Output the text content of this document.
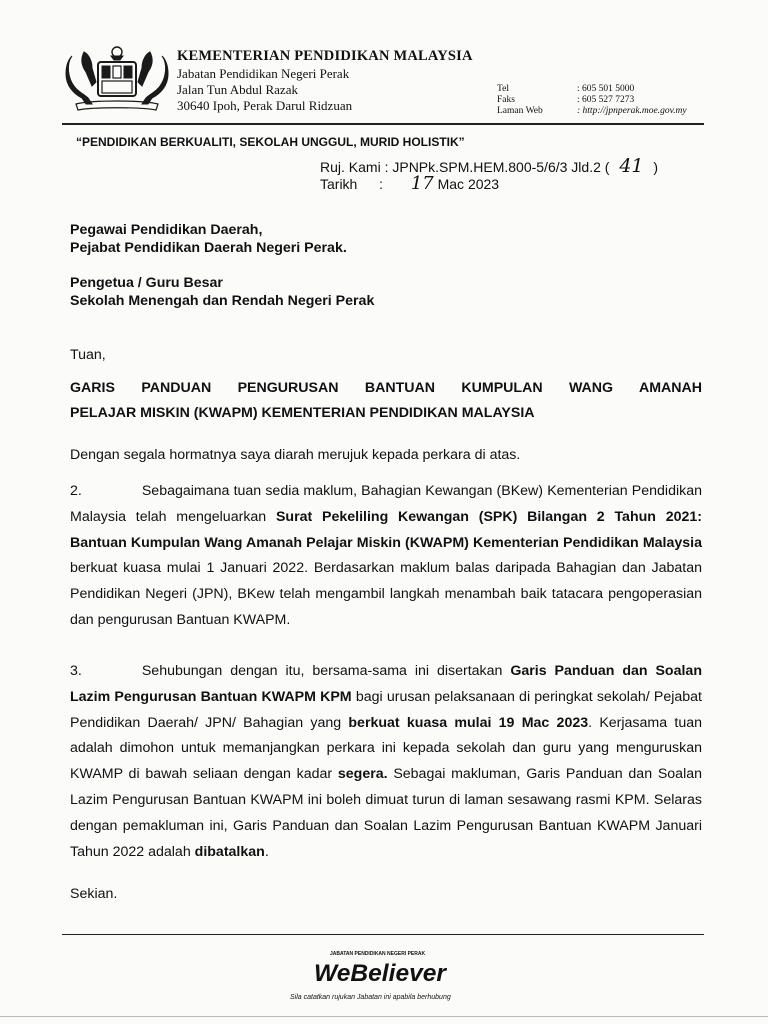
KEMENTERIAN PENDIDIKAN MALAYSIA
Jabatan Pendidikan Negeri Perak
Jalan Tun Abdul Razak
30640 Ipoh, Perak Darul Ridzuan
Tel
Faks
Laman Web
: 605 501 5000
: 605 527 7273
: http://jpnperak.moe.gov.my
“PENDIDIKAN BERKUALITI, SEKOLAH UNGGUL, MURID HOLISTIK”
Ruj. Kami : JPNPk.SPM.HEM.800-5/6/3 Jld.2 ( 41 )
Tarikh : 17 Mac 2023
Pegawai Pendidikan Daerah,
Pejabat Pendidikan Daerah Negeri Perak.
Pengetua / Guru Besar
Sekolah Menengah dan Rendah Negeri Perak
Tuan,
GARIS PANDUAN PENGURUSAN BANTUAN KUMPULAN WANG AMANAH
PELAJAR MISKIN (KWAPM) KEMENTERIAN PENDIDIKAN MALAYSIA
Dengan segala hormatnya saya diarah merujuk kepada perkara di atas.

2.	Sebagaimana tuan sedia maklum, Bahagian Kewangan (BKew) Kementerian Pendidikan Malaysia telah mengeluarkan Surat Pekeliling Kewangan (SPK) Bilangan 2 Tahun 2021: Bantuan Kumpulan Wang Amanah Pelajar Miskin (KWAPM) Kementerian Pendidikan Malaysia berkuat kuasa mulai 1 Januari 2022. Berdasarkan maklum balas daripada Bahagian dan Jabatan Pendidikan Negeri (JPN), BKew telah mengambil langkah menambah baik tatacara pengoperasian dan pengurusan Bantuan KWAPM.

3.	Sehubungan dengan itu, bersama-sama ini disertakan Garis Panduan dan Soalan Lazim Pengurusan Bantuan KWAPM KPM bagi urusan pelaksanaan di peringkat sekolah/ Pejabat Pendidikan Daerah/ JPN/ Bahagian yang berkuat kuasa mulai 19 Mac 2023. Kerjasama tuan adalah dimohon untuk memanjangkan perkara ini kepada sekolah dan guru yang menguruskan KWAMP di bawah seliaan dengan kadar segera. Sebagai makluman, Garis Panduan dan Soalan Lazim Pengurusan Bantuan KWAPM ini boleh dimuat turun di laman sesawang rasmi KPM. Selaras dengan pemakluman ini, Garis Panduan dan Soalan Lazim Pengurusan Bantuan KWAPM Januari Tahun 2022 adalah dibatalkan.

Sekian.
JABATAN PENDIDIKAN NEGERI PERAK
WeBeliever
Sila catatkan rujukan Jabatan ini apabila berhubung
